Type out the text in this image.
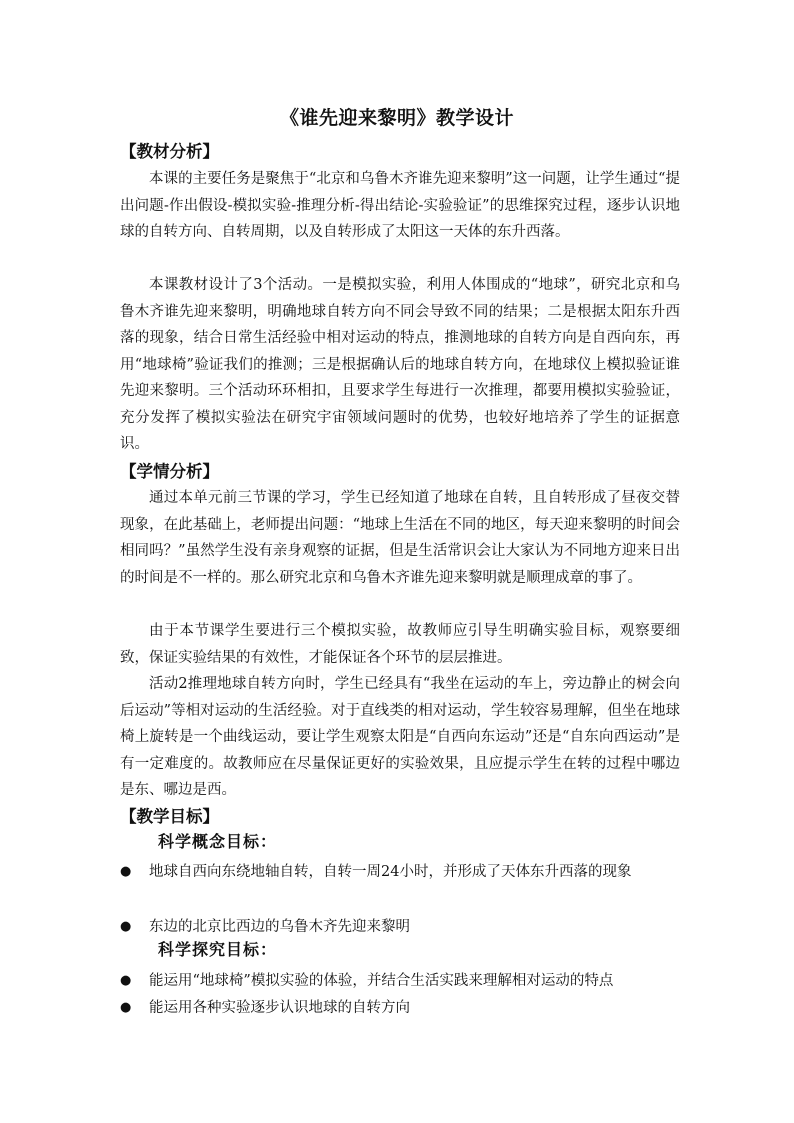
《谁先迎来黎明》教学设计
【教材分析】
本课的主要任务是聚焦于“北京和乌鲁木齐谁先迎来黎明”这一问题，让学生通过“提出问题-作出假设-模拟实验-推理分析-得出结论-实验验证”的思维探究过程，逐步认识地球的自转方向、自转周期，以及自转形成了太阳这一天体的东升西落。
本课教材设计了3个活动。一是模拟实验，利用人体围成的“地球”，研究北京和乌鲁木齐谁先迎来黎明，明确地球自转方向不同会导致不同的结果；二是根据太阳东升西落的现象，结合日常生活经验中相对运动的特点，推测地球的自转方向是自西向东，再用“地球椅”验证我们的推测；三是根据确认后的地球自转方向，在地球仪上模拟验证谁先迎来黎明。三个活动环环相扣，且要求学生每进行一次推理，都要用模拟实验验证，充分发挥了模拟实验法在研究宇宙领域问题时的优势，也较好地培养了学生的证据意识。
【学情分析】
通过本单元前三节课的学习，学生已经知道了地球在自转，且自转形成了昼夜交替现象，在此基础上，老师提出问题：“地球上生活在不同的地区，每天迎来黎明的时间会相同吗？”虽然学生没有亲身观察的证据，但是生活常识会让大家认为不同地方迎来日出的时间是不一样的。那么研究北京和乌鲁木齐谁先迎来黎明就是顺理成章的事了。
由于本节课学生要进行三个模拟实验，故教师应引导生明确实验目标，观察要细致，保证实验结果的有效性，才能保证各个环节的层层推进。
活动2推理地球自转方向时，学生已经具有“我坐在运动的车上，旁边静止的树会向后运动”等相对运动的生活经验。对于直线类的相对运动，学生较容易理解，但坐在地球椅上旋转是一个曲线运动，要让学生观察太阳是“自西向东运动”还是“自东向西运动”是有一定难度的。故教师应在尽量保证更好的实验效果，且应提示学生在转的过程中哪边是东、哪边是西。
【教学目标】
科学概念目标：
●	地球自西向东绕地轴自转，自转一周24小时，并形成了天体东升西落的现象
●	东边的北京比西边的乌鲁木齐先迎来黎明
科学探究目标：
●	能运用“地球椅”模拟实验的体验，并结合生活实践来理解相对运动的特点
●	能运用各种实验逐步认识地球的自转方向
